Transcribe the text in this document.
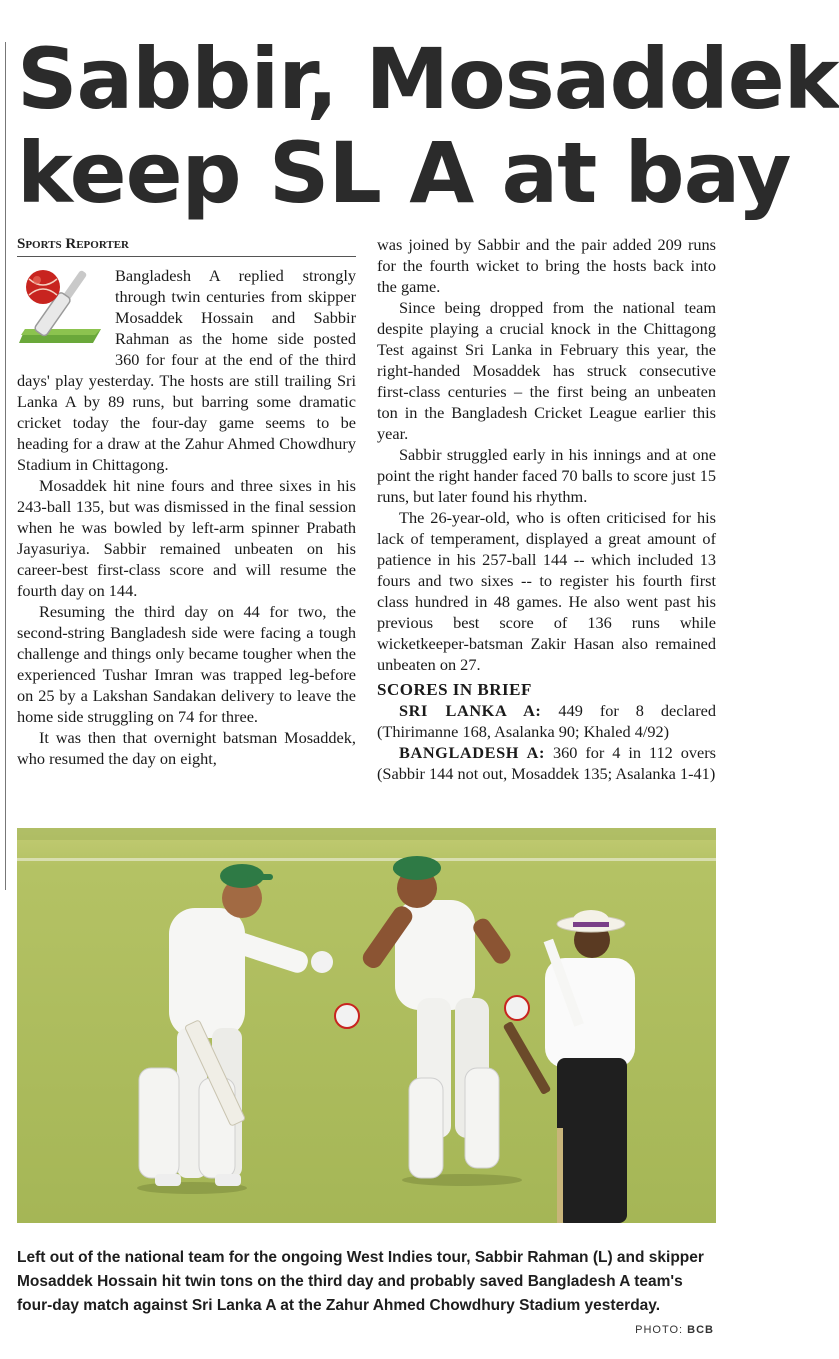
Sabbir, Mosaddek
keep SL A at bay
Sports Reporter

Bangladesh A replied strongly through twin centuries from skipper Mosaddek Hossain and Sabbir Rahman as the home side posted 360 for four at the end of the third days' play yesterday. The hosts are still trailing Sri Lanka A by 89 runs, but barring some dramatic cricket today the four-day game seems to be heading for a draw at the Zahur Ahmed Chowdhury Stadium in Chittagong.

Mosaddek hit nine fours and three sixes in his 243-ball 135, but was dismissed in the final session when he was bowled by left-arm spinner Prabath Jayasuriya. Sabbir remained unbeaten on his career-best first-class score and will resume the fourth day on 144.

Resuming the third day on 44 for two, the second-string Bangladesh side were facing a tough challenge and things only became tougher when the experienced Tushar Imran was trapped leg-before on 25 by a Lakshan Sandakan delivery to leave the home side struggling on 74 for three.

It was then that overnight batsman Mosaddek, who resumed the day on eight,

was joined by Sabbir and the pair added 209 runs for the fourth wicket to bring the hosts back into the game.

Since being dropped from the national team despite playing a crucial knock in the Chittagong Test against Sri Lanka in February this year, the right-handed Mosaddek has struck consecutive first-class centuries – the first being an unbeaten ton in the Bangladesh Cricket League earlier this year.

Sabbir struggled early in his innings and at one point the right hander faced 70 balls to score just 15 runs, but later found his rhythm.

The 26-year-old, who is often criticised for his lack of temperament, displayed a great amount of patience in his 257-ball 144 -- which included 13 fours and two sixes -- to register his fourth first class hundred in 48 games. He also went past his previous best score of 136 runs while wicketkeeper-batsman Zakir Hasan also remained unbeaten on 27.

SCORES IN BRIEF

SRI LANKA A: 449 for 8 declared (Thirimanne 168, Asalanka 90; Khaled 4/92)

BANGLADESH A: 360 for 4 in 112 overs (Sabbir 144 not out, Mosaddek 135; Asalanka 1-41)

Left out of the national team for the ongoing West Indies tour, Sabbir Rahman (L) and skipper Mosaddek Hossain hit twin tons on the third day and probably saved Bangladesh A team's four-day match against Sri Lanka A at the Zahur Ahmed Chowdhury Stadium yesterday.

PHOTO: BCB
